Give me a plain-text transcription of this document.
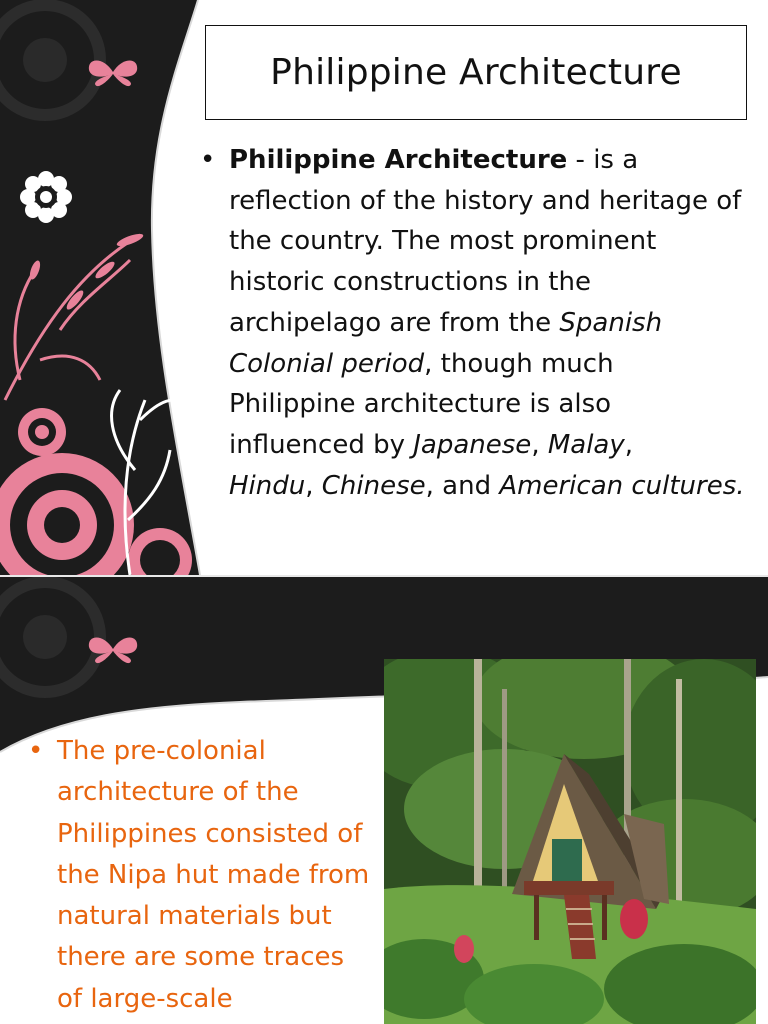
Philippine Architecture
• Philippine Architecture - is a reflection of the history and heritage of the country. The most prominent historic constructions in the archipelago are from the Spanish Colonial period, though much Philippine architecture is also influenced by Japanese, Malay,
Hindu, Chinese, and American cultures.
• The pre-colonial architecture of the Philippines consisted of the Nipa hut made from natural materials but there are some traces of large-scale
